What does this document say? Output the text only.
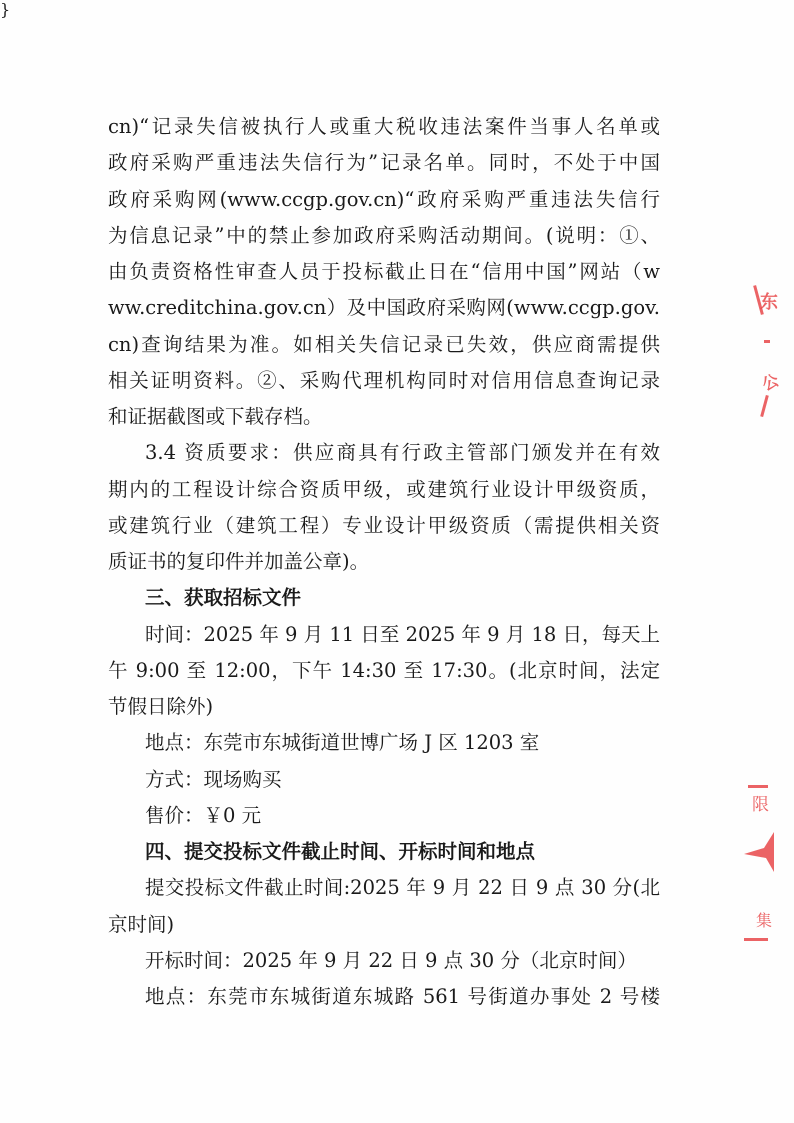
cn)“记录失信被执行人或重大税收违法案件当事人名单或
政府采购严重违法失信行为”记录名单。同时，不处于中国
政府采购网(www.ccgp.gov.cn)“政府采购严重违法失信行
为信息记录”中的禁止参加政府采购活动期间。(说明：①、
由负责资格性审查人员于投标截止日在“信用中国”网站（w
ww.creditchina.gov.cn）及中国政府采购网(www.ccgp.gov.
cn)查询结果为准。如相关失信记录已失效，供应商需提供
相关证明资料。②、采购代理机构同时对信用信息查询记录
和证据截图或下载存档。
3.4 资质要求：供应商具有行政主管部门颁发并在有效
期内的工程设计综合资质甲级，或建筑行业设计甲级资质，
或建筑行业（建筑工程）专业设计甲级资质（需提供相关资
质证书的复印件并加盖公章)。
三、获取招标文件
时间：2025 年 9 月 11 日至 2025 年 9 月 18 日，每天上
午 9:00 至 12:00，下午 14:30 至 17:30。(北京时间，法定
节假日除外)
地点：东莞市东城街道世博广场 J 区 1203 室
方式：现场购买
售价：￥0 元
四、提交投标文件截止时间、开标时间和地点
提交投标文件截止时间:2025 年 9 月 22 日 9 点 30 分(北
京时间)
开标时间：2025 年 9 月 22 日 9 点 30 分（北京时间）
地点：东莞市东城街道东城路 561 号街道办事处 2 号楼
东
公
}
限
集
